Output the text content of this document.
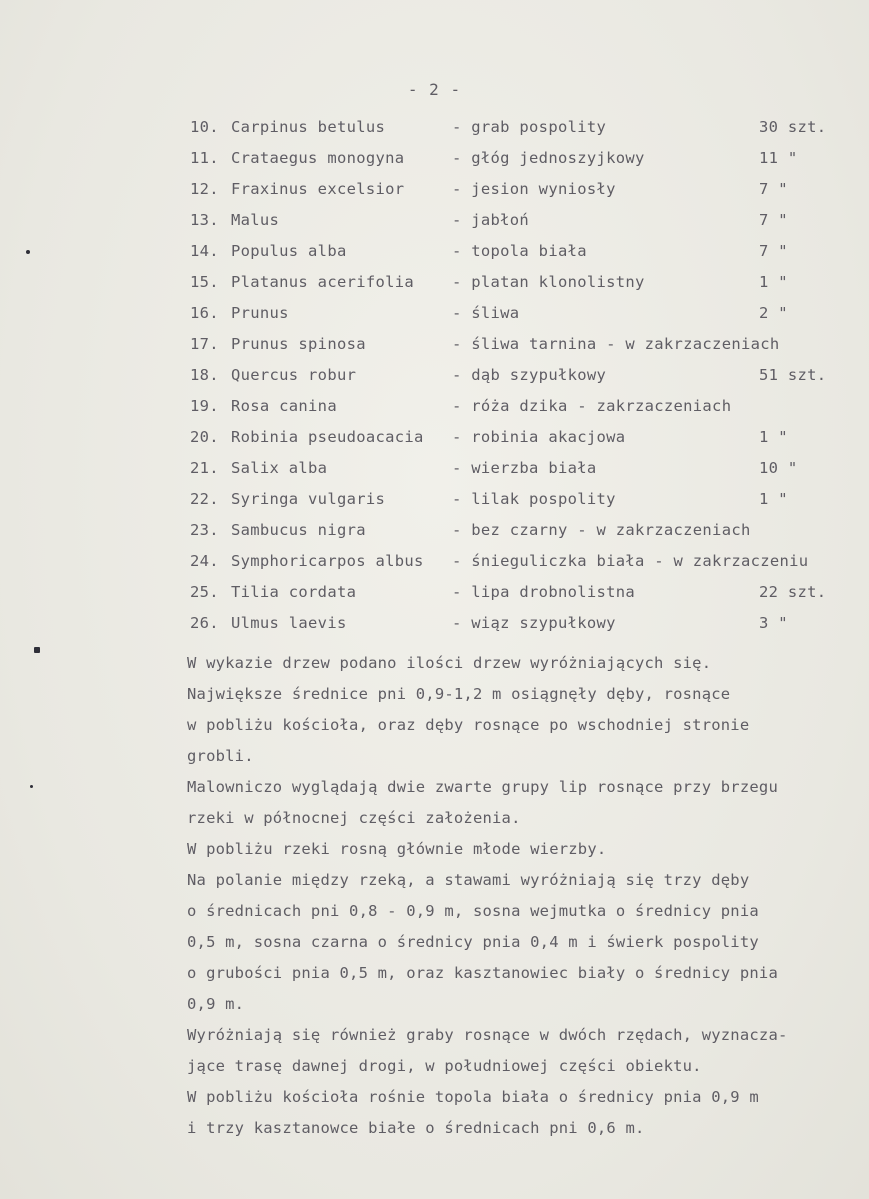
- 2 -
10. Carpinus betulus	- grab pospolity	30 szt.
11. Crataegus monogyna	- głóg jednoszyjkowy	11 "
12. Fraxinus excelsior	- jesion wyniosły	7 "
13. Malus	- jabłoń	7 "
14. Populus alba	- topola biała	7 "
15. Platanus acerifolia - platan klonolistny	1 "
16. Prunus	- śliwa	2 "
17. Prunus spinosa	- śliwa tarnina - w zakrzaczeniach
18. Quercus robur	- dąb szypułkowy	51 szt.
19. Rosa canina	- róża dzika - zakrzaczeniach
20. Robinia pseudoacacia - robinia akacjowa	1 "
21. Salix alba	- wierzba biała	10 "
22. Syringa vulgaris	- lilak pospolity	1 "
23. Sambucus nigra	- bez czarny - w zakrzaczeniach
24. Symphoricarpos albus - śnieguliczka biała - w zakrzaczeniu
25. Tilia cordata	- lipa drobnolistna	22 szt.
26. Ulmus laevis	- wiąz szypułkowy	3 "
W wykazie drzew podano ilości drzew wyróżniających się.
Największe średnice pni 0,9-1,2 m osiągnęły dęby, rosnące
w pobliżu kościoła, oraz dęby rosnące po wschodniej stronie
grobli.
Malowniczo wyglądają dwie zwarte grupy lip rosnące przy brzegu
rzeki w północnej części założenia.
W pobliżu rzeki rosną głównie młode wierzby.
Na polanie między rzeką, a stawami wyróżniają się trzy dęby
o średnicach pni 0,8 - 0,9 m, sosna wejmutka o średnicy pnia
0,5 m, sosna czarna o średnicy pnia 0,4 m i świerk pospolity
o grubości pnia 0,5 m, oraz kasztanowiec biały o średnicy pnia
0,9 m.
Wyróżniają się również graby rosnące w dwóch rzędach, wyznacza-
jące trasę dawnej drogi, w południowej części obiektu.
W pobliżu kościoła rośnie topola biała o średnicy pnia 0,9 m
i trzy kasztanowce białe o średnicach pni 0,6 m.
